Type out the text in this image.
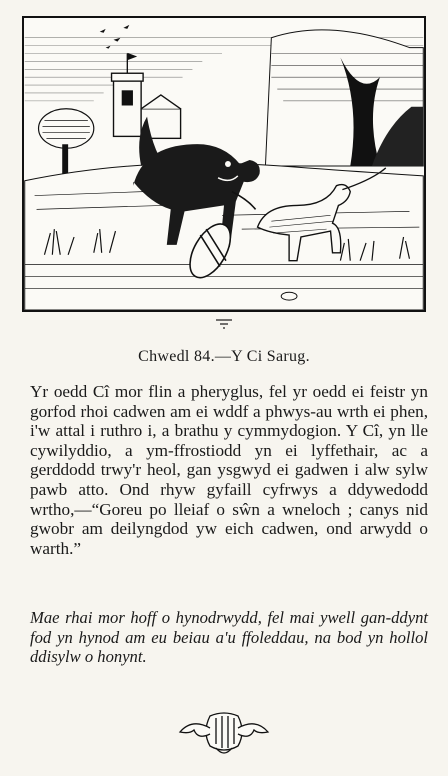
Chwedl 84.—Y Ci Sarug.

Yr oedd Cî mor flin a pheryglus, fel yr oedd ei feistr yn gorfod rhoi cadwen am ei wddf a phwys-au wrth ei phen, i'w attal i ruthro i, a brathu y cymmydogion. Y Cî, yn lle cywilyddio, a ym-ffrostiodd yn ei lyffethair, ac a gerddodd trwy'r heol, gan ysgwyd ei gadwen i alw sylw pawb atto. Ond rhyw gyfaill cyfrwys a ddywedodd wrtho,—“Goreu po lleiaf o sŵn a wneloch ; canys nid gwobr am deilyngdod yw eich cadwen, ond arwydd o warth.”

Mae rhai mor hoff o hynodrwydd, fel mai ywell gan-ddynt fod yn hynod am eu beiau a'u ffoleddau, na bod yn hollol ddisylw o honynt.
